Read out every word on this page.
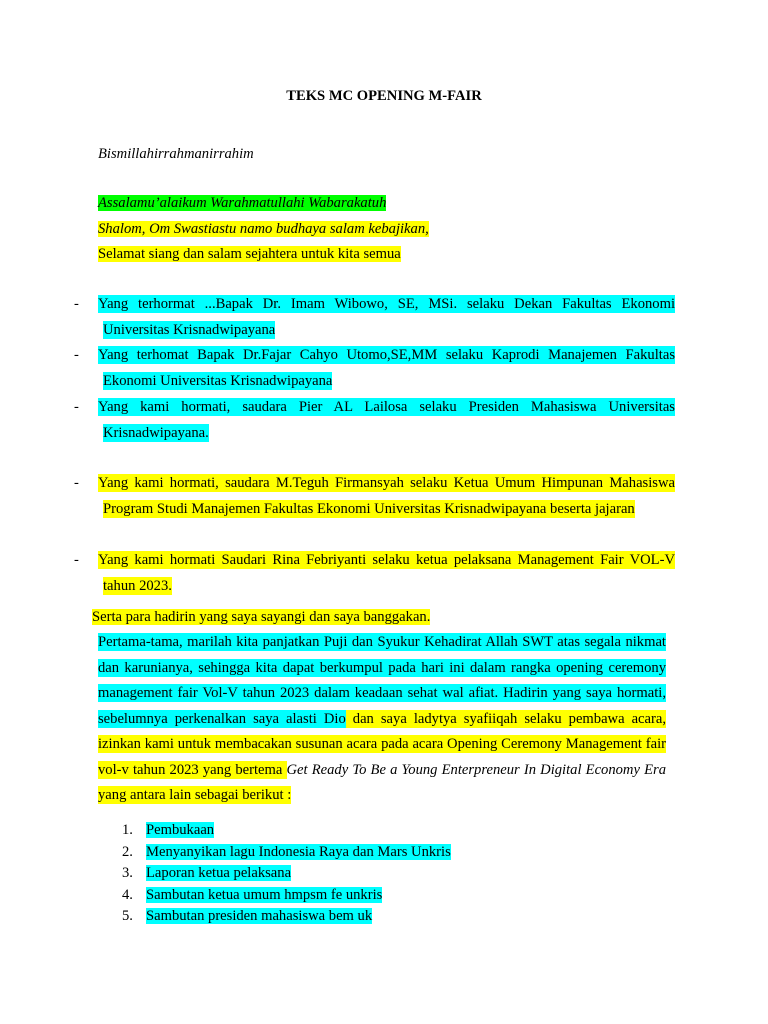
TEKS MC OPENING M-FAIR
Bismillahirrahmanirrahim
Assalamu’alaikum Warahmatullahi Wabarakatuh
Shalom, Om Swastiastu namo budhaya salam kebajikan,
Selamat siang dan salam sejahtera untuk kita semua
-	Yang terhormat ...Bapak Dr. Imam Wibowo, SE, MSi. selaku Dekan Fakultas Ekonomi Universitas Krisnadwipayana
-	Yang terhomat Bapak Dr.Fajar Cahyo Utomo,SE,MM selaku Kaprodi Manajemen Fakultas Ekonomi Universitas Krisnadwipayana
-	Yang kami hormati, saudara Pier AL Lailosa selaku Presiden Mahasiswa Universitas Krisnadwipayana.
-	Yang kami hormati, saudara M.Teguh Firmansyah selaku Ketua Umum Himpunan Mahasiswa Program Studi Manajemen Fakultas Ekonomi Universitas Krisnadwipayana beserta jajaran
-	Yang kami hormati Saudari Rina Febriyanti selaku ketua pelaksana Management Fair VOL-V tahun 2023.
Serta para hadirin yang saya sayangi dan saya banggakan.
Pertama-tama, marilah kita panjatkan Puji dan Syukur Kehadirat Allah SWT atas segala nikmat dan karunianya, sehingga kita dapat berkumpul pada hari ini dalam rangka opening ceremony management fair Vol-V tahun 2023 dalam keadaan sehat wal afiat. Hadirin yang saya hormati, sebelumnya perkenalkan saya alasti Dio dan saya ladytya syafiiqah selaku pembawa acara, izinkan kami untuk membacakan susunan acara pada acara Opening Ceremony Management fair vol-v tahun 2023 yang bertema Get Ready To Be a Young Enterpreneur In Digital Economy Era yang antara lain sebagai berikut :
1. Pembukaan
2. Menyanyikan lagu Indonesia Raya dan Mars Unkris
3. Laporan ketua pelaksana
4. Sambutan ketua umum hmpsm fe unkris
5. Sambutan presiden mahasiswa bem uk
